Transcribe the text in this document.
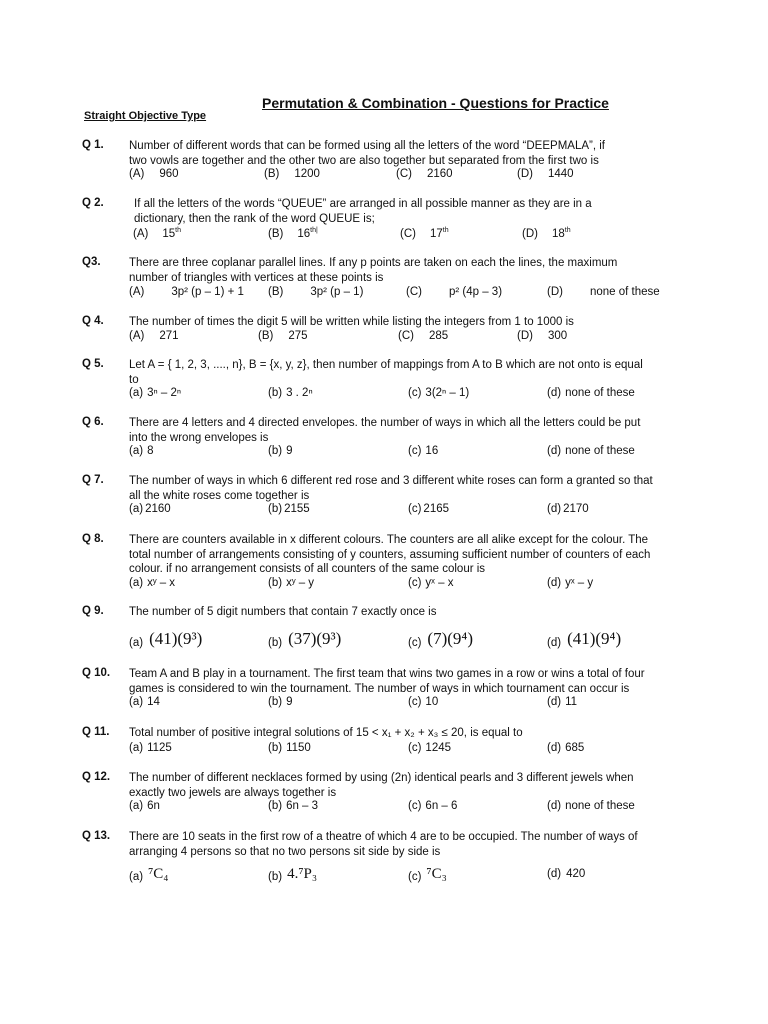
Permutation & Combination - Questions for Practice
Straight Objective Type
Q 1. Number of different words that can be formed using all the letters of the word “DEEPMALA”, if
two vowls are together and the other two are also together but separated from the first two is
(A) 960	(B) 1200	(C) 2160	(D) 1440
Q 2.	If all the letters of the words “QUEUE” are arranged in all possible manner as they are in a
dictionary, then the rank of the word QUEUE is;
(A) 15th	(B) $16^{th|}$	(C) 17th	(D) 18th
Q3. There are three coplanar parallel lines. If any p points are taken on each the lines, the maximum
number of triangles with vertices at these points is
(A) 3p² (p – 1) + 1 (B) 3p² (p – 1)	(C) p² (4p – 3)	(D) none of these
Q 4. The number of times the digit 5 will be written while listing the integers from 1 to 1000 is
(A) 271	(B) 275	(C) 285	(D) 300
Q 5. Let A = { 1, 2, 3, ...., n}, B = {x, y, z}, then number of mappings from A to B which are not onto is equal
to
(a) 3ⁿ – 2ⁿ	(b) 3 . 2ⁿ	(c) 3(2ⁿ – 1)	(d) none of these
Q 6. There are 4 letters and 4 directed envelopes. the number of ways in which all the letters could be put
into the wrong envelopes is
(a) 8	(b) 9	(c) 16	(d) none of these
Q 7. The number of ways in which 6 different red rose and 3 different white roses can form a granted so that
all the white roses come together is
(a) 2160	(b) 2155	(c) 2165	(d) 2170
Q 8. There are counters available in x different colours. The counters are all alike except for the colour. The
total number of arrangements consisting of y counters, assuming sufficient number of counters of each
colour. if no arrangement consists of all counters of the same colour is
(a) xʸ – x	(b) xʸ – y	(c) yˣ – x	(d) yˣ – y
Q 9. The number of 5 digit numbers that contain 7 exactly once is
(a) (41)(9³)	(b) (37)(9³)	(c) (7)(9⁴)	(d) (41)(9⁴)
Q 10. Team A and B play in a tournament. The first team that wins two games in a row or wins a total of four
games is considered to win the tournament. The number of ways in which tournament can occur is
(a) 14	(b) 9	(c) 10	(d) 11
Q 11. Total number of positive integral solutions of 15 < x₁ + x₂ + x₃ ≤ 20, is equal to
(a) 1125	(b) 1150	(c) 1245	(d) 685
Q 12. The number of different necklaces formed by using (2n) identical pearls and 3 different jewels when
exactly two jewels are always together is
(a) 6n	(b) 6n – 3	(c) 6n – 6	(d) none of these
Q 13. There are 10 seats in the first row of a theatre of which 4 are to be occupied. The number of ways of
arranging 4 persons so that no two persons sit side by side is
(a) ⁷C₄	(b) 4.⁷P₃	(c) ⁷C₃	(d) 420
